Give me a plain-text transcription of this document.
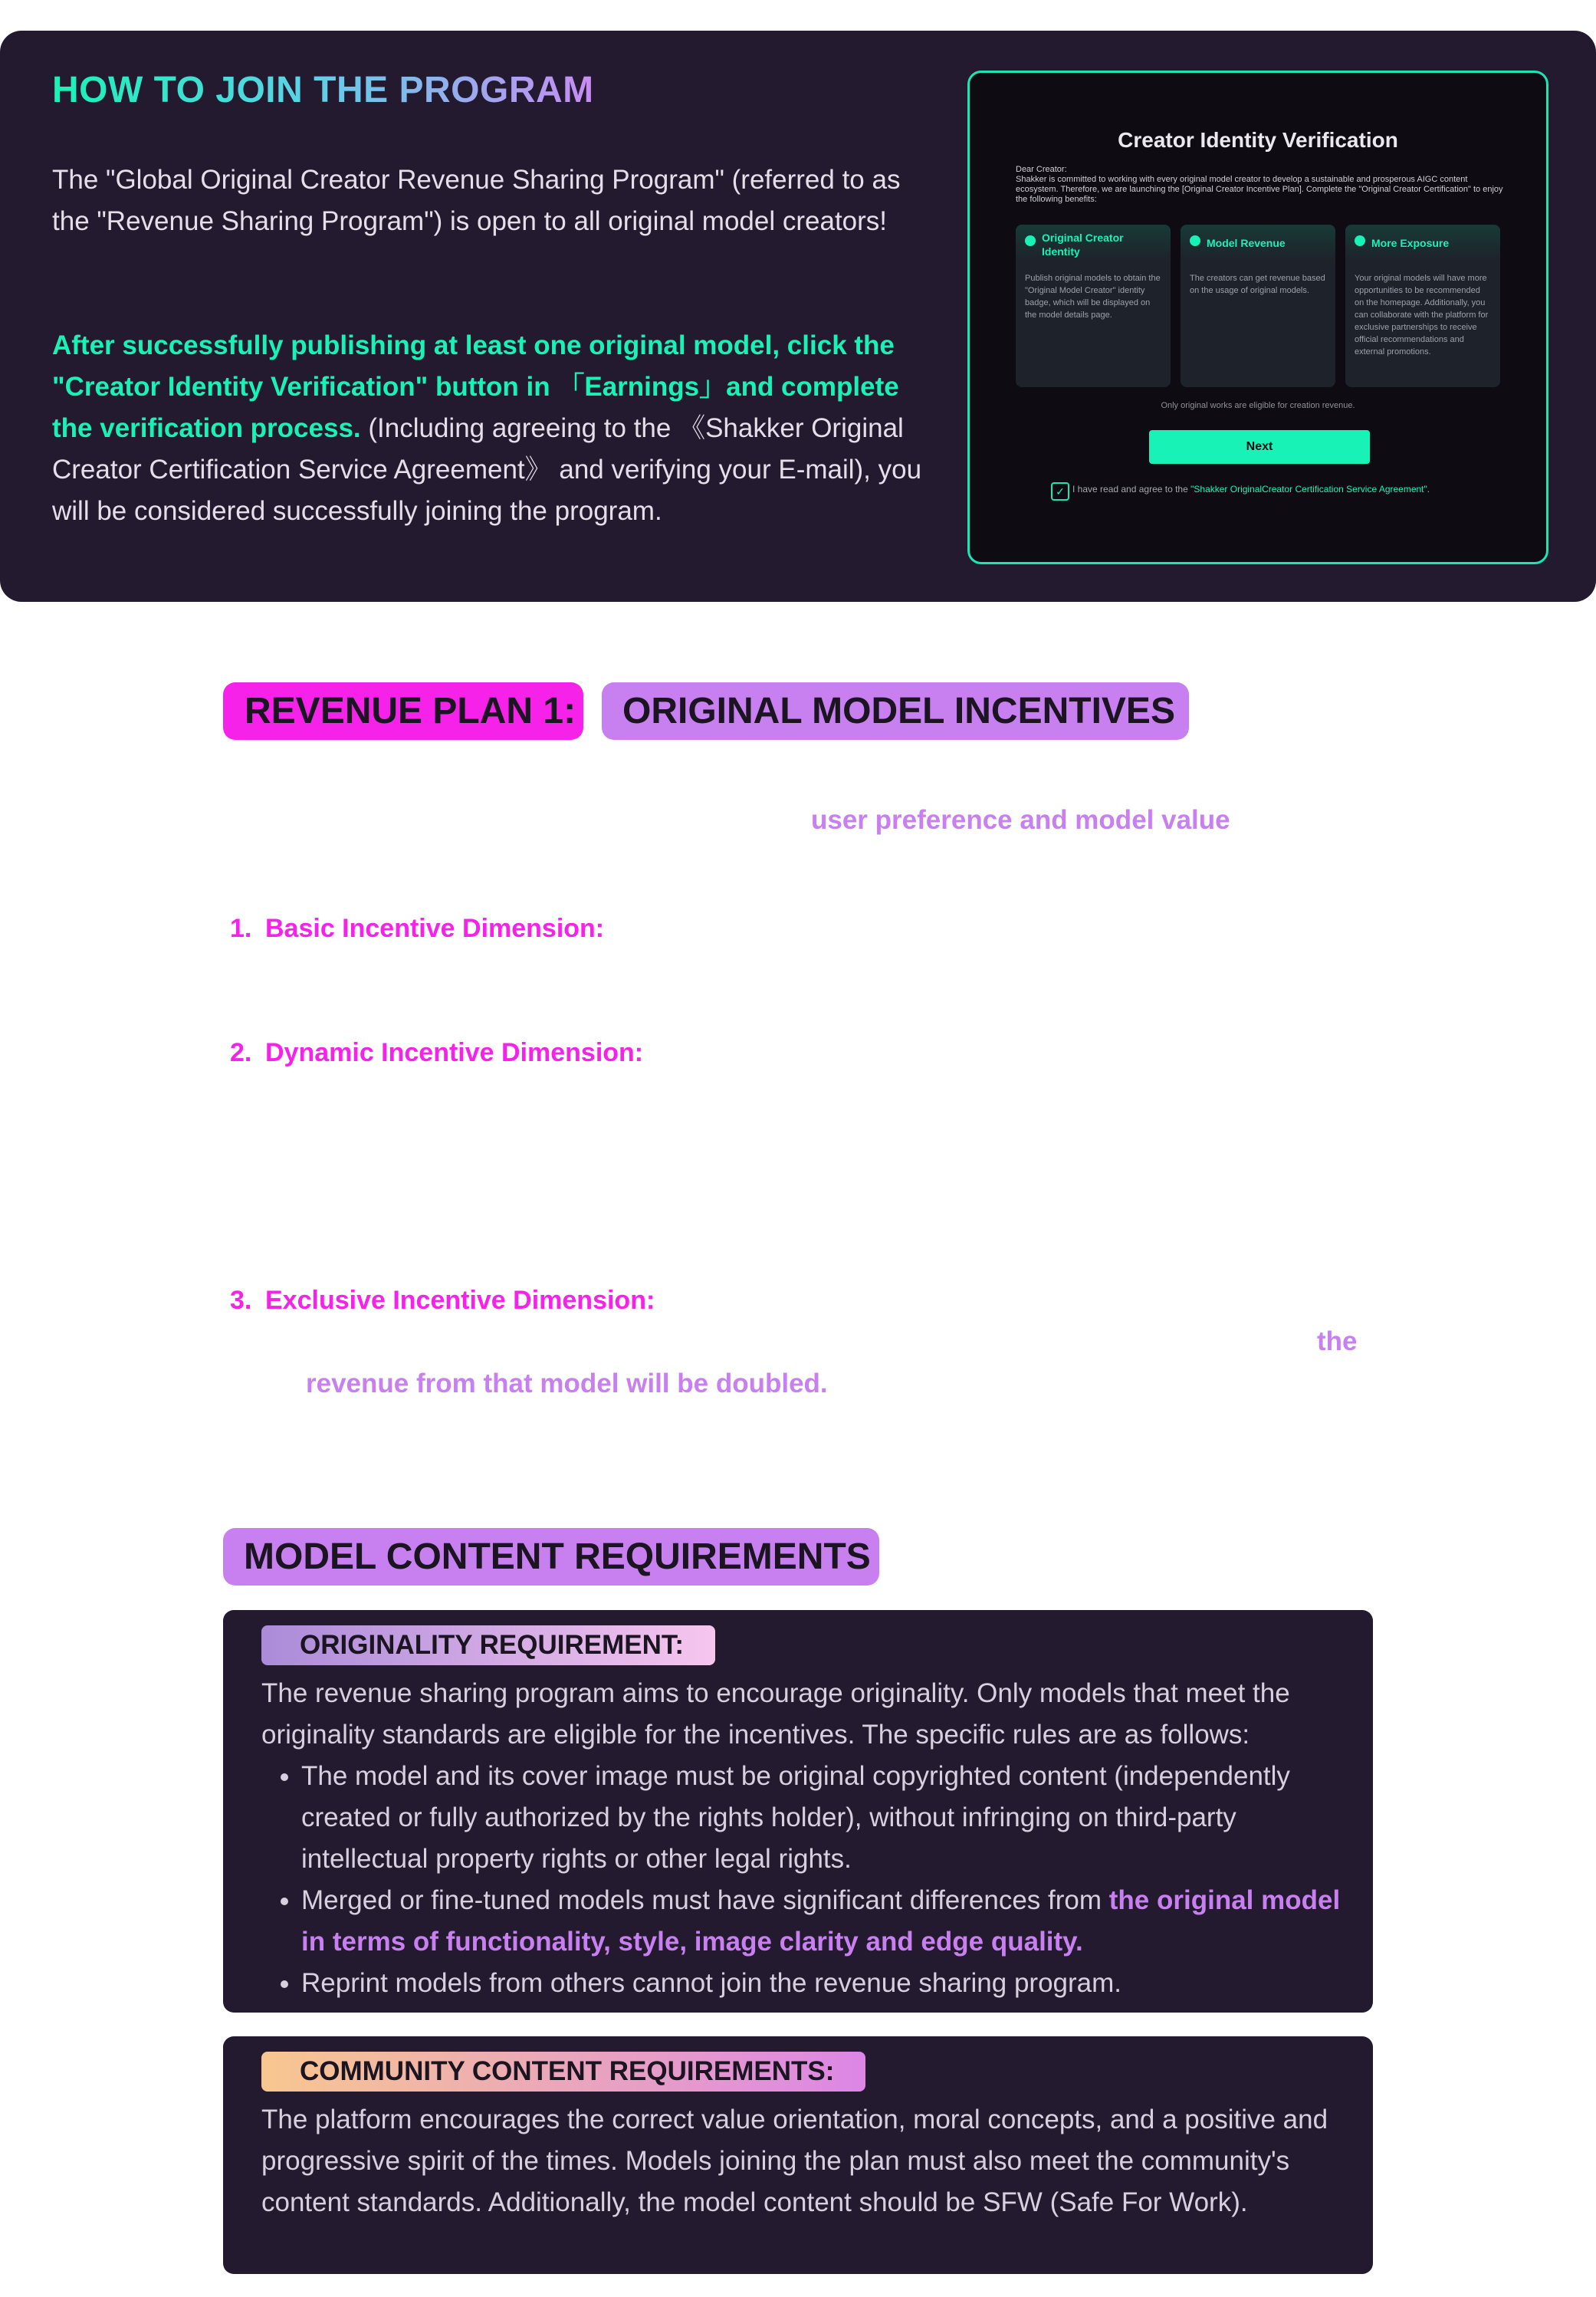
HOW TO JOIN THE PROGRAM
The "Global Original Creator Revenue Sharing Program" (referred to as the "Revenue Sharing Program") is open to all original model creators!
After successfully publishing at least one original model, click the "Creator Identity Verification" button in 「Earnings」and complete the verification process. (Including agreeing to the 《Shakker Original Creator Certification Service Agreement》 and verifying your E-mail), you will be considered successfully joining the program.
Creator Identity Verification
Dear Creator:
Shakker is committed to working with every original model creator to develop a sustainable and prosperous AIGC content ecosystem. Therefore, we are launching the [Original Creator Incentive Plan]. Complete the "Original Creator Certification" to enjoy the following benefits:
Original Creator Identity
Publish original models to obtain the "Original Model Creator" identity badge, which will be displayed on the model details page.
Model Revenue
The creators can get revenue based on the usage of original models.
More Exposure
Your original models will have more opportunities to be recommended on the homepage. Additionally, you can collaborate with the platform for exclusive partnerships to receive official recommendations and external promotions.
Only original works are eligible for creation revenue.
Next
✓ I have read and agree to the "Shakker OriginalCreator Certification Service Agreement".
REVENUE PLAN 1:	ORIGINAL MODEL INCENTIVES
user preference and model value
1. Basic Incentive Dimension:
2. Dynamic Incentive Dimension:
3. Exclusive Incentive Dimension:
the
revenue from that model will be doubled.
MODEL CONTENT REQUIREMENTS
ORIGINALITY REQUIREMENT:
The revenue sharing program aims to encourage originality. Only models that meet the originality standards are eligible for the incentives. The specific rules are as follows:
• The model and its cover image must be original copyrighted content (independently created or fully authorized by the rights holder), without infringing on third-party intellectual property rights or other legal rights.
• Merged or fine-tuned models must have significant differences from the original model in terms of functionality, style, image clarity and edge quality.
• Reprint models from others cannot join the revenue sharing program.
COMMUNITY CONTENT REQUIREMENTS:
The platform encourages the correct value orientation, moral concepts, and a positive and progressive spirit of the times. Models joining the plan must also meet the community's content standards. Additionally, the model content should be SFW (Safe For Work).
